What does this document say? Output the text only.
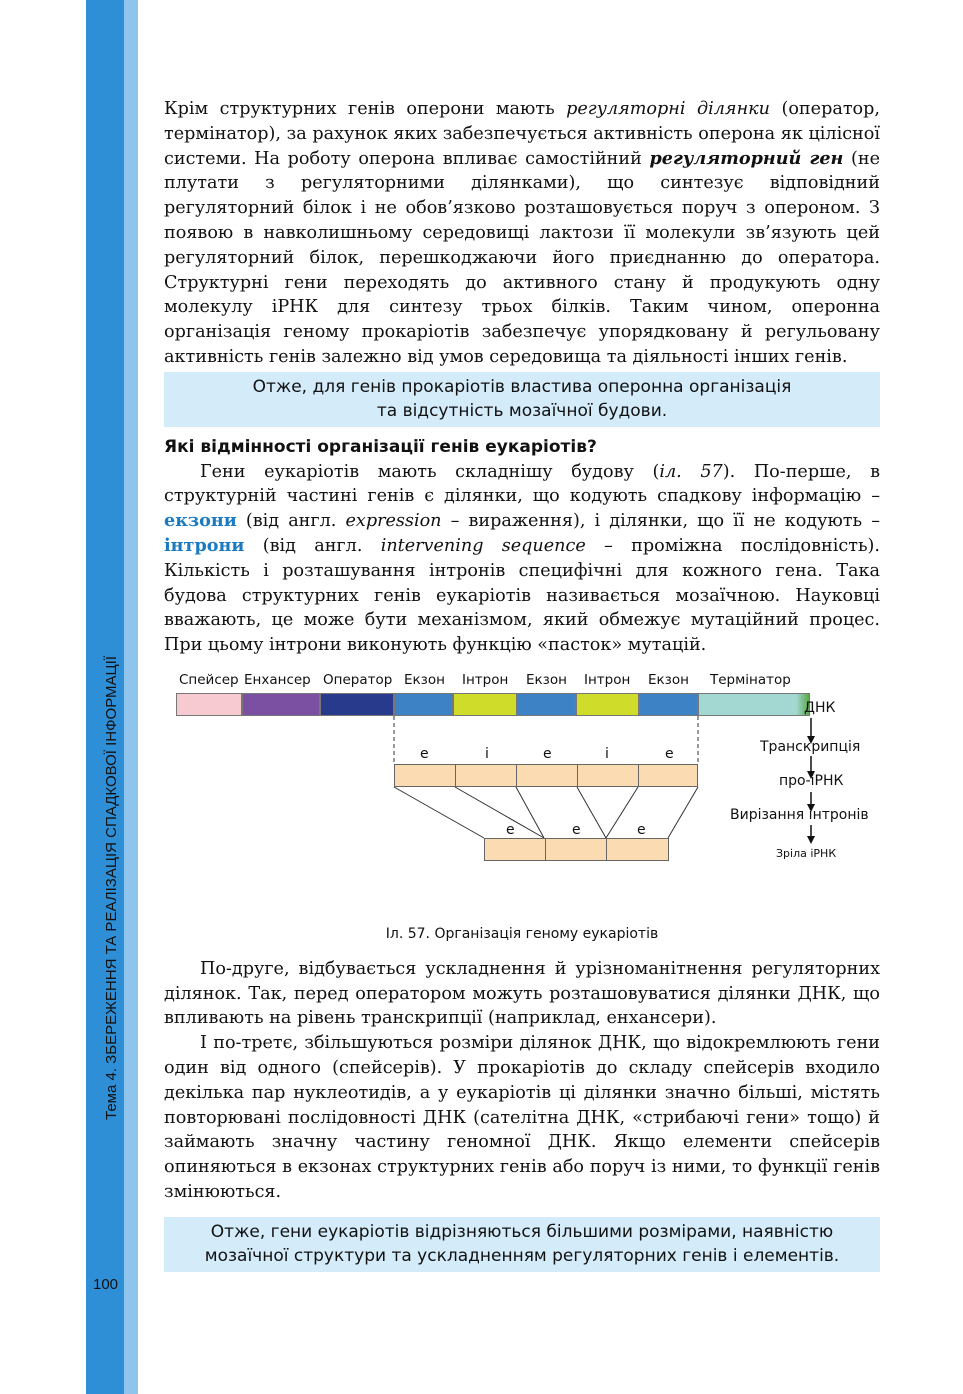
Тема 4. ЗБЕРЕЖЕННЯ ТА РЕАЛІЗАЦІЯ СПАДКОВОЇ ІНФОРМАЦІЇ
100

Крім структурних генів оперони мають регуляторні ділянки (оператор, термінатор), за рахунок яких забезпечується активність оперона як цілісної системи. На роботу оперона впливає самостійний регуляторний ген (не плутати з регуляторними ділянками), що синтезує відповідний регуляторний білок і не обов’язково розташовується поруч з опероном. З появою в навколишньому середовищі лактози її молекули зв’язують цей регуляторний білок, перешкоджаючи його приєднанню до оператора. Структурні гени переходять до активного стану й продукують одну молекулу іРНК для синтезу трьох білків. Таким чином, оперонна організація геному прокаріотів забезпечує упорядковану й регульовану активність генів залежно від умов середовища та діяльності інших генів.

Отже, для генів прокаріотів властива оперонна організація
та відсутність мозаїчної будови.
Які відмінності організації генів еукаріотів?

Гени еукаріотів мають складнішу будову (іл. 57). По-перше, в структурній частині генів є ділянки, що кодують спадкову інформацію – екзони (від англ. expression – вираження), і ділянки, що її не кодують – інтрони (від англ. intervening sequence – проміжна послідовність). Кількість і розташування інтронів специфічні для кожного гена. Така будова структурних генів еукаріотів називається мозаїчною. Науковці вважають, це може бути механізмом, який обмежує мутаційний процес. При цьому інтрони виконують функцію «пасток» мутацій.

Спейсер Енхансер Оператор Екзон Інтрон Екзон Інтрон Екзон Термінатор
ДНК
Транскрипція
про-іРНК
Вирізання інтронів
Зріла іРНК
е	і	е	і	е
е	е	е
Іл. 57. Організація геному еукаріотів

По-друге, відбувається ускладнення й урізноманітнення регуляторних ділянок. Так, перед оператором можуть розташовуватися ділянки ДНК, що впливають на рівень транскрипції (наприклад, енхансери).

І по-третє, збільшуються розміри ділянок ДНК, що відокремлюють гени один від одного (спейсерів). У прокаріотів до складу спейсерів входило декілька пар нуклеотидів, а у еукаріотів ці ділянки значно більші, містять повторювані послідовності ДНК (сателітна ДНК, «стрибаючі гени» тощо) й займають значну частину геномної ДНК. Якщо елементи спейсерів опиняються в екзонах структурних генів або поруч із ними, то функції генів змінюються.

Отже, гени еукаріотів відрізняються більшими розмірами, наявністю
мозаїчної структури та ускладненням регуляторних генів і елементів.
